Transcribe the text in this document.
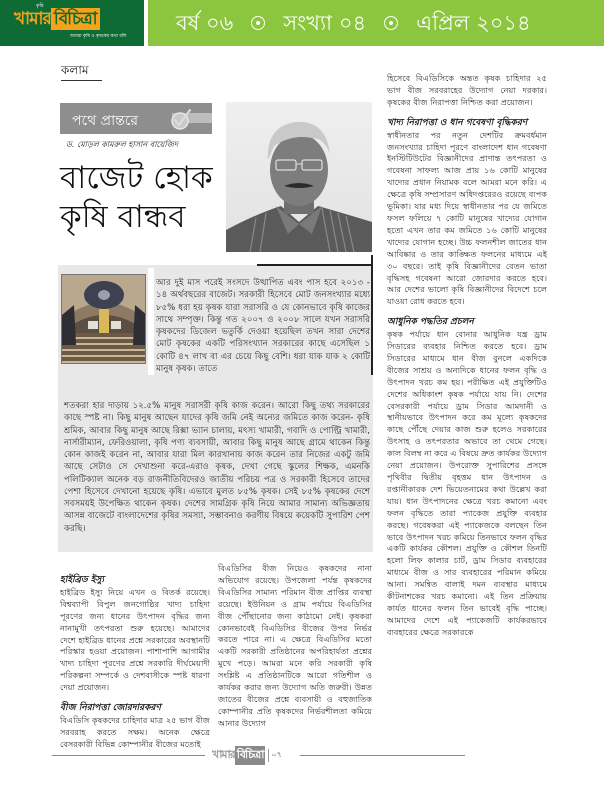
কৃষি
খামার বিচিত্রা
আমরা কৃষি ও কৃষকের কথা বলি
বর্ষ ০৬ সংখ্যা ০৪ এপ্রিল ২০১৪
কলাম
পথে প্রান্তরে
ড. মোড়ল কামরুল হাসান বায়েজিদ
বাজেট হোক
কৃষি বান্ধব

আর দুই মাস পরেই সংসদে উত্থাপিত এবং পাস হবে ২০১৩ - ১৪ অর্থবছরের বাজেট। সরকারী হিসেবে মোট জনসংখ্যার মধ্যে ৮৫% ধরা হয় কৃষক যারা সরাসরি ও যে কোনভাবে কৃষি কাজের সাথে সম্পৃক্ত। কিন্তু গত ২০০৭ ও ২০০৮ সালে যখন সরাসরি কৃষকদের ডিজেল ভতুর্কি দেওয়া হয়েছিল তখন সারা দেশের মোট কৃষকের একটি পরিসংখ্যান সরকারের কাছে এসেছিল ১ কোটি ৪৭ লাখ বা এর চেয়ে কিছু বেশি। ধরা যাক যাক ২ কোটি মানুষ কৃষক। তাতে

শতকরা হার দাড়ায় ১২.৫% মানুষ সরাসরী কৃষি কাজ করেন। আরো কিছু তথ্য সরকারের কাছে স্পষ্ট না। কিছু মানুষ আছেন যাদের কৃষি জমি নেই অন্যের জমিতে কাজ করেন- কৃষি শ্রমিক, আবার কিছু মানুষ আছে রিক্সা ভ্যান চালায়, মৎস্য খামারী, গবাদি ও পোল্ট্রি খামারী, নার্সারীম্যান, ফেরিওয়ালা, কৃষি পণ্য ব্যবসায়ী, আবার কিছু মানুষ আছে গ্রামে থাকেন কিন্তু কোন কাজই করেন না, আবার যারা মিল কারখানায় কাজ করেন তার নিজের একটু জমি আছে সেটাও সে দেখাশুনা করে-এরাও কৃষক, দেখা গেছে স্কুলের শিক্ষক, এমনকি পলিটিক্যাল অনেক বড় রাজনীতিবিদেরও জাতীয় পরিচয় পত্র ও সরকারী হিসেবে তাদের পেশা হিসেবে দেখানো হয়েছে কৃষি। এভাবে মুলত ৮৫% কৃষক। সেই ৮৫% কৃষকের দেশে সবসময়ই উপেক্ষিত থাকেন কৃষক। দেশের সামগ্রিক কৃষি নিয়ে আমার সামান্য অভিজ্ঞতায় আসন্ন বাজেটে বাংলাদেশের কৃষির সমস্যা, সম্ভাবনাও করণীয় বিষয়ে কয়েকটি সুপারিশ পেশ করছি।

হাইব্রিড ইস্যু
হাইব্রিড ইস্যু নিয়ে এখন ও বিতর্ক রয়েছে। বিশ্বব্যাপী বিপুল জনগোষ্ঠির খাদ্য চাহিদা পূরণের জন্য ধানের উৎপাদন বৃদ্ধির জন্য নানামুখী তৎপরতা শুরু হয়েছে। আমাদের দেশে হাইব্রিড ধানের প্রশ্নে সরকারের অবস্থানটি পরিস্কার হওয়া প্রয়োজন। পাশাপাশি আগামীর খাদ্য চাহিদা পূরণের প্রশ্নে সরকারি দীর্ঘমেয়াদী পরিকল্পনা সম্পর্কে ও দেশবাসীকে স্পষ্ট ধারণা দেয়া প্রয়োজন।
বীজ নিরাপত্তা জোরদারকরণ
বিএডিসি কৃষকদের চাহিদার মাত্র ২৫ ভাগ বীজ সরবরাহ করতে সক্ষম। অনেক ক্ষেত্রে বেসরকারী বিভিন্ন কোম্পানীর বীজের মতোই
বিএডিসির বীজ নিয়েও কৃষকদের নানা অভিযোগ রয়েছে। উপজেলা পর্যন্ত কৃষকদের বিএডিসির সামান্য পরিমান বীজ প্রাপ্তির ব্যবস্থা রয়েছে। ইউনিয়ন ও গ্রাম পর্যায়ে বিএডিসির বীজ পৌঁছানোর জন্য কাঠামো নেই। কৃষকরা কোনভাবেই বিএডিসির বীজের উপর নির্ভর করতে পারে না। এ ক্ষেত্রে বিএডিসির মতো একটি সরকারী প্রতিষ্ঠানের অপরিহার্যতা প্রশ্নের মুখে পড়ে। আমরা মনে করি সরকারী কৃষি সংশ্লিষ্ট এ প্রতিষ্ঠানটিকে আরো গতিশীল ও কার্যকর করার জন্য উদ্যোগ অতি জরুরী। উন্নত জাতের বীজের প্রশ্নে ব্যবসায়ী ও বহুজাতিক কোম্পানীর প্রতি কৃষকদের নির্ভরশীলতা কমিয়ে আনার উদ্যোগ
হিসেবে বিএডিসিকে অন্তত কৃষক চাহিদার ২৫ ভাগ বীজ সরবরাহের উদ্যোগ নেয়া দরকার। কৃষকের বীজ নিরাপত্তা নিশ্চিত করা প্রয়োজন।
খাদ্য নিরাপত্তা ও ধান গবেষণা বৃদ্ধিকরণ
স্বাধীনতার পর নতুন দেশটির ক্রমবর্ধমান জনসংখ্যার চাহিদা পূরণে বাংলাদেশ ধান গবেষণা ইনস্টিটিউটের বিজ্ঞানীদের প্রাণান্ত তৎপরতা ও গবেষনা সাফল্য আজ প্রায় ১৬ কোটি মানুষের খাদ্যের প্রধান নিয়ামক বলে আমরা মনে করি। এ ক্ষেত্রে কৃষি সম্প্রসারণ অধিদপ্তরেরও রয়েছে ব্যপক ভূমিকা। যার মধ্য দিয়ে স্বাধীনতার পর যে জমিতে ফসল ফলিয়ে ৭ কোটি মানুষের খাদ্যের যোগান হতো এখন তার কম জমিতে ১৬ কোটি মানুষের খাদ্যের যোগান হচ্ছে। উচ্চ ফলনশীল জাতের ধান আবিষ্কার ও তার কাঙ্ক্ষিত ফলনের মাধ্যমে এই ৩০ বছরে। তাই কৃষি বিজ্ঞানীদের বেতন ভাতা বৃদ্ধিসহ গবেষনা আরো জোরদার করতে হবে। আর দেশের ভালো কৃষি বিজ্ঞানীদের বিদেশে চলে যাওয়া রোধ করতে হবে।
আধুনিক পদ্ধতির প্রচলন
কৃষক পর্যায়ে ধান বোনার আধুনিক যন্ত্র ড্রাম সিডারের ব্যবহার নিশ্চিত করতে হবে। ড্রাম সিডারের মাধ্যমে ধান বীজ বুনলে একদিকে বীজের সাশ্রয় ও অন্যদিকে ধানের ফলন বৃদ্ধি ও উৎপাদন খরচ কম হয়। পরীক্ষিত এই প্রযুক্তিটিও দেশের অধিকাংশ কৃষক পর্যায়ে যায় নি। দেশের বেসরকারী পর্যায়ে ড্রাম সিডার আমদানী ও স্থানীয়ভাবে উৎপাদন করে কম মূল্যে কৃষকদের কাছে পৌঁছে দেয়ার কাজ শুরু হলেও সরকারের উৎসাহ ও তৎপরতার অভাবে তা থেমে গেছে। কাল বিলম্ব না করে এ বিষয়ে দ্রুত কার্যকর উদ্যোগ নেয়া প্রয়োজন। উপরোক্ত সুপারিশের প্রসঙ্গে পৃথিবীর দ্বিতীয় বৃহত্তম ধান উৎপাদন ও রপ্তানীকারক দেশ ভিয়েতনামের কথা উল্লেখ করা যায়। ধান উৎপাদনের ক্ষেত্রে খরচ কমানো এবং ফলন বৃদ্ধিতে তারা প্যাকেজ প্রযুক্তি ব্যবহার করছে। গবেষকরা এই প্যাকেজকে বলছেন তিন ভাবে উৎপাদন খরচ কমিয়ে তিনভাবে ফলন বৃদ্ধির একটি কার্যকর কৌশল। প্রযুক্তি ও কৌশল তিনটি হলো লিফ কালার চার্ট, ড্রাম সিডার ব্যবহারের মাধ্যমে বীজ ও সার ব্যবহারের পরিমান কমিয়ে আনা। সমন্বিত বালাই দমন ব্যবস্থার মাধ্যমে কীটনাশকের খরচ কমানো। এই তিন প্রক্রিয়ায় কার্যত ধানের ফলন তিন ভাবেই বৃদ্ধি পাচ্ছে। আমাদের দেশে এই প্যাকেজটি কার্যকরভাবে ব্যবহারের ক্ষেত্রে সরকারকে
খামার বিচিত্রা	০৭
